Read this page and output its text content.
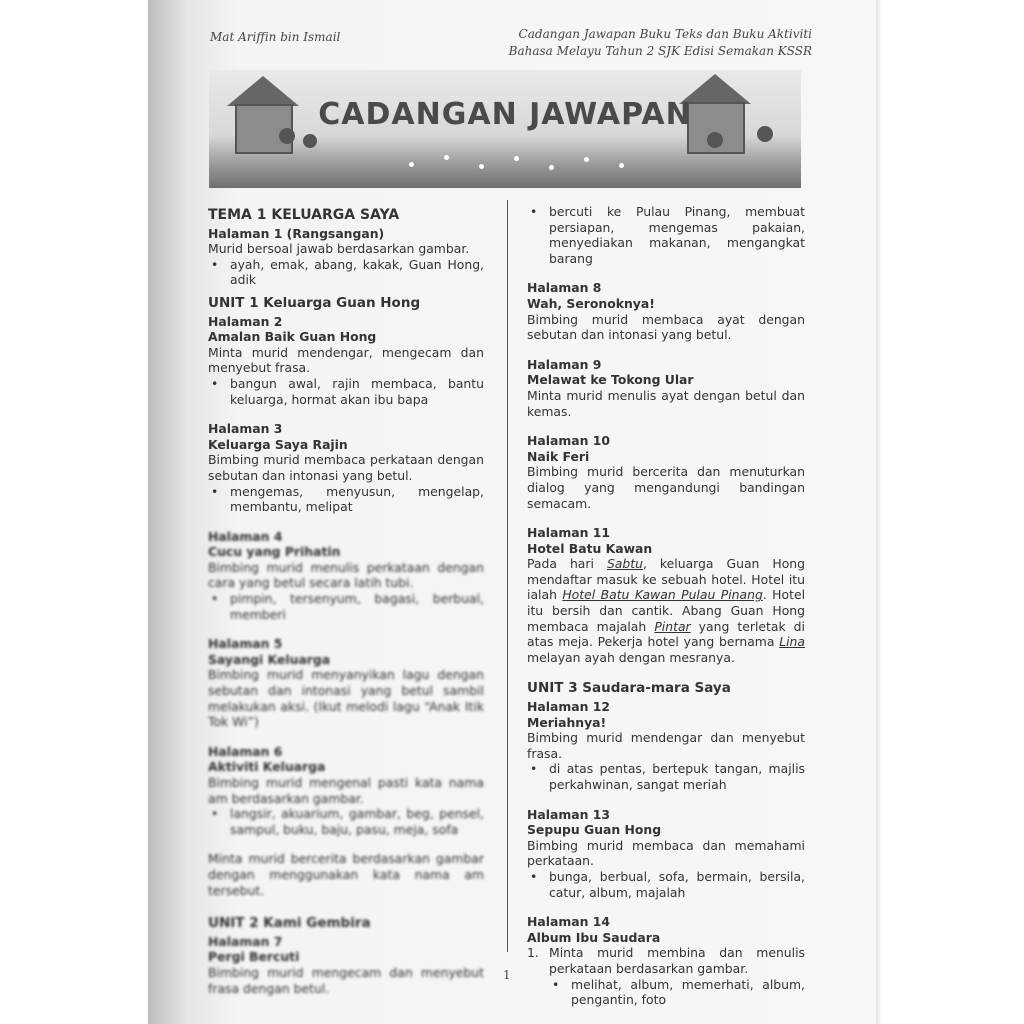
Mat Ariffin bin Ismail	Cadangan Jawapan Buku Teks dan Buku Aktiviti
Bahasa Melayu Tahun 2 SJK Edisi Semakan KSSR
CADANGAN JAWAPAN
TEMA 1 KELUARGA SAYA
Halaman 1 (Rangsangan)
Murid bersoal jawab berdasarkan gambar.
• ayah, emak, abang, kakak, Guan Hong, adik
UNIT 1 Keluarga Guan Hong
Halaman 2
Amalan Baik Guan Hong
Minta murid mendengar, mengecam dan menyebut frasa.
• bangun awal, rajin membaca, bantu keluarga, hormat akan ibu bapa
Halaman 3
Keluarga Saya Rajin
Bimbing murid membaca perkataan dengan sebutan dan intonasi yang betul.
• mengemas, menyusun, mengelap, membantu, melipat
Halaman 4
Cucu yang Prihatin
Bimbing murid menulis perkataan dengan cara yang betul secara latih tubi.
• pimpin, tersenyum, bagasi, berbual, memberi
Halaman 5
Sayangi Keluarga
Bimbing murid menyanyikan lagu dengan sebutan dan intonasi yang betul sambil melakukan aksi. (Ikut melodi lagu “Anak Itik Tok Wi”)
Halaman 6
Aktiviti Keluarga
Bimbing murid mengenal pasti kata nama am berdasarkan gambar.
• langsir, akuarium, gambar, beg, pensel, sampul, buku, baju, pasu, meja, sofa
Minta murid bercerita berdasarkan gambar dengan menggunakan kata nama am tersebut.
UNIT 2 Kami Gembira
Halaman 7
Pergi Bercuti
Bimbing murid mengecam dan menyebut frasa dengan betul.
• bercuti ke Pulau Pinang, membuat persiapan, mengemas pakaian, menyediakan makanan, mengangkat barang
Halaman 8
Wah, Seronoknya!
Bimbing murid membaca ayat dengan sebutan dan intonasi yang betul.
Halaman 9
Melawat ke Tokong Ular
Minta murid menulis ayat dengan betul dan kemas.
Halaman 10
Naik Feri
Bimbing murid bercerita dan menuturkan dialog yang mengandungi bandingan semacam.
Halaman 11
Hotel Batu Kawan
Pada hari Sabtu, keluarga Guan Hong mendaftar masuk ke sebuah hotel. Hotel itu ialah Hotel Batu Kawan Pulau Pinang. Hotel itu bersih dan cantik. Abang Guan Hong membaca majalah Pintar yang terletak di atas meja. Pekerja hotel yang bernama Lina melayan ayah dengan mesranya.
UNIT 3 Saudara-mara Saya
Halaman 12
Meriahnya!
Bimbing murid mendengar dan menyebut frasa.
• di atas pentas, bertepuk tangan, majlis perkahwinan, sangat meriah
Halaman 13
Sepupu Guan Hong
Bimbing murid membaca dan memahami perkataan.
• bunga, berbual, sofa, bermain, bersila, catur, album, majalah
Halaman 14
Album Ibu Saudara
1. Minta murid membina dan menulis perkataan berdasarkan gambar.
• melihat, album, memerhati, album, pengantin, foto
1
